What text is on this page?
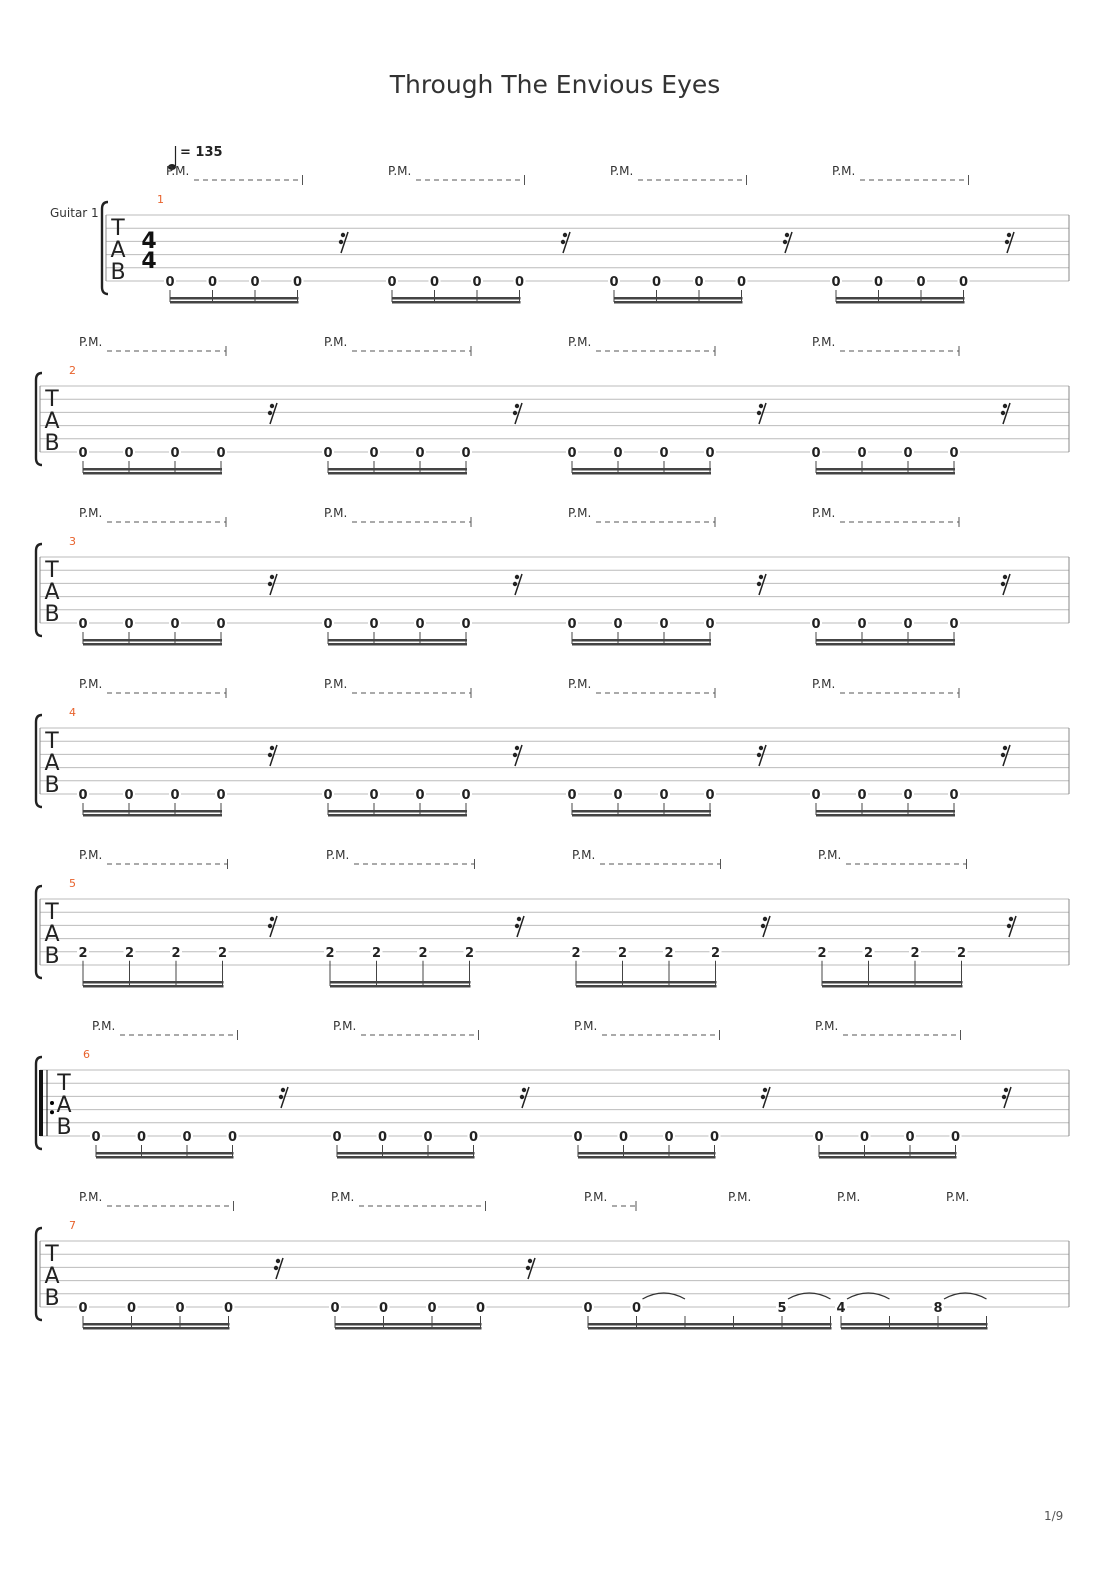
Through The Envious Eyes
Guitar 1
= 135
T
A
B
4
4
1
0	0	0	0
P.M.
0	0	0	0
P.M.
0	0	0	0
P.M.
0	0	0	0
P.M.
T
A
B
2
0	0	0	0
P.M.
0	0	0	0
P.M.
0	0	0	0
P.M.
0	0	0	0
P.M.
T
A
B
3
0	0	0	0
P.M.
0	0	0	0
P.M.
0	0	0	0
P.M.
0	0	0	0
P.M.
T
A
B
4
0	0	0	0
P.M.
0	0	0	0
P.M.
0	0	0	0
P.M.
0	0	0	0
P.M.
T
A
B
5
2	2	2	2
P.M.
2	2	2	2
P.M.
2	2	2	2
P.M.
2	2	2	2
P.M.
T
A
B
6
0	0	0	0
P.M.
0	0	0	0
P.M.
0	0	0	0
P.M.
0	0	0	0
P.M.
T
A
B
7
0	0	0	0
P.M.
0	0	0	0
P.M.
0	0	5
P.M.	P.M.
4	8
P.M.	P.M.
1/9
